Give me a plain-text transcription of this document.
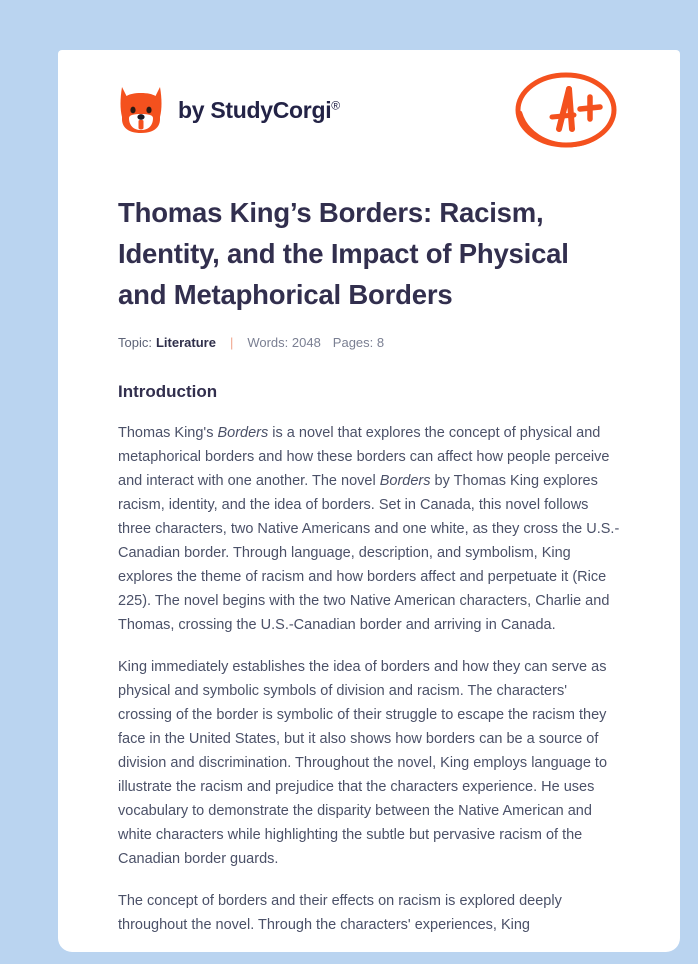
by StudyCorgi®
Thomas King’s Borders: Racism, Identity, and the Impact of Physical and Metaphorical Borders
Topic: Literature | Words: 2048 Pages: 8
Introduction

Thomas King's Borders is a novel that explores the concept of physical and metaphorical borders and how these borders can affect how people perceive and interact with one another. The novel Borders by Thomas King explores racism, identity, and the idea of borders. Set in Canada, this novel follows three characters, two Native Americans and one white, as they cross the U.S.-Canadian border. Through language, description, and symbolism, King explores the theme of racism and how borders affect and perpetuate it (Rice 225). The novel begins with the two Native American characters, Charlie and Thomas, crossing the U.S.-Canadian border and arriving in Canada.

King immediately establishes the idea of borders and how they can serve as physical and symbolic symbols of division and racism. The characters' crossing of the border is symbolic of their struggle to escape the racism they face in the United States, but it also shows how borders can be a source of division and discrimination. Throughout the novel, King employs language to illustrate the racism and prejudice that the characters experience. He uses vocabulary to demonstrate the disparity between the Native American and white characters while highlighting the subtle but pervasive racism of the Canadian border guards.

The concept of borders and their effects on racism is explored deeply throughout the novel. Through the characters' experiences, King
